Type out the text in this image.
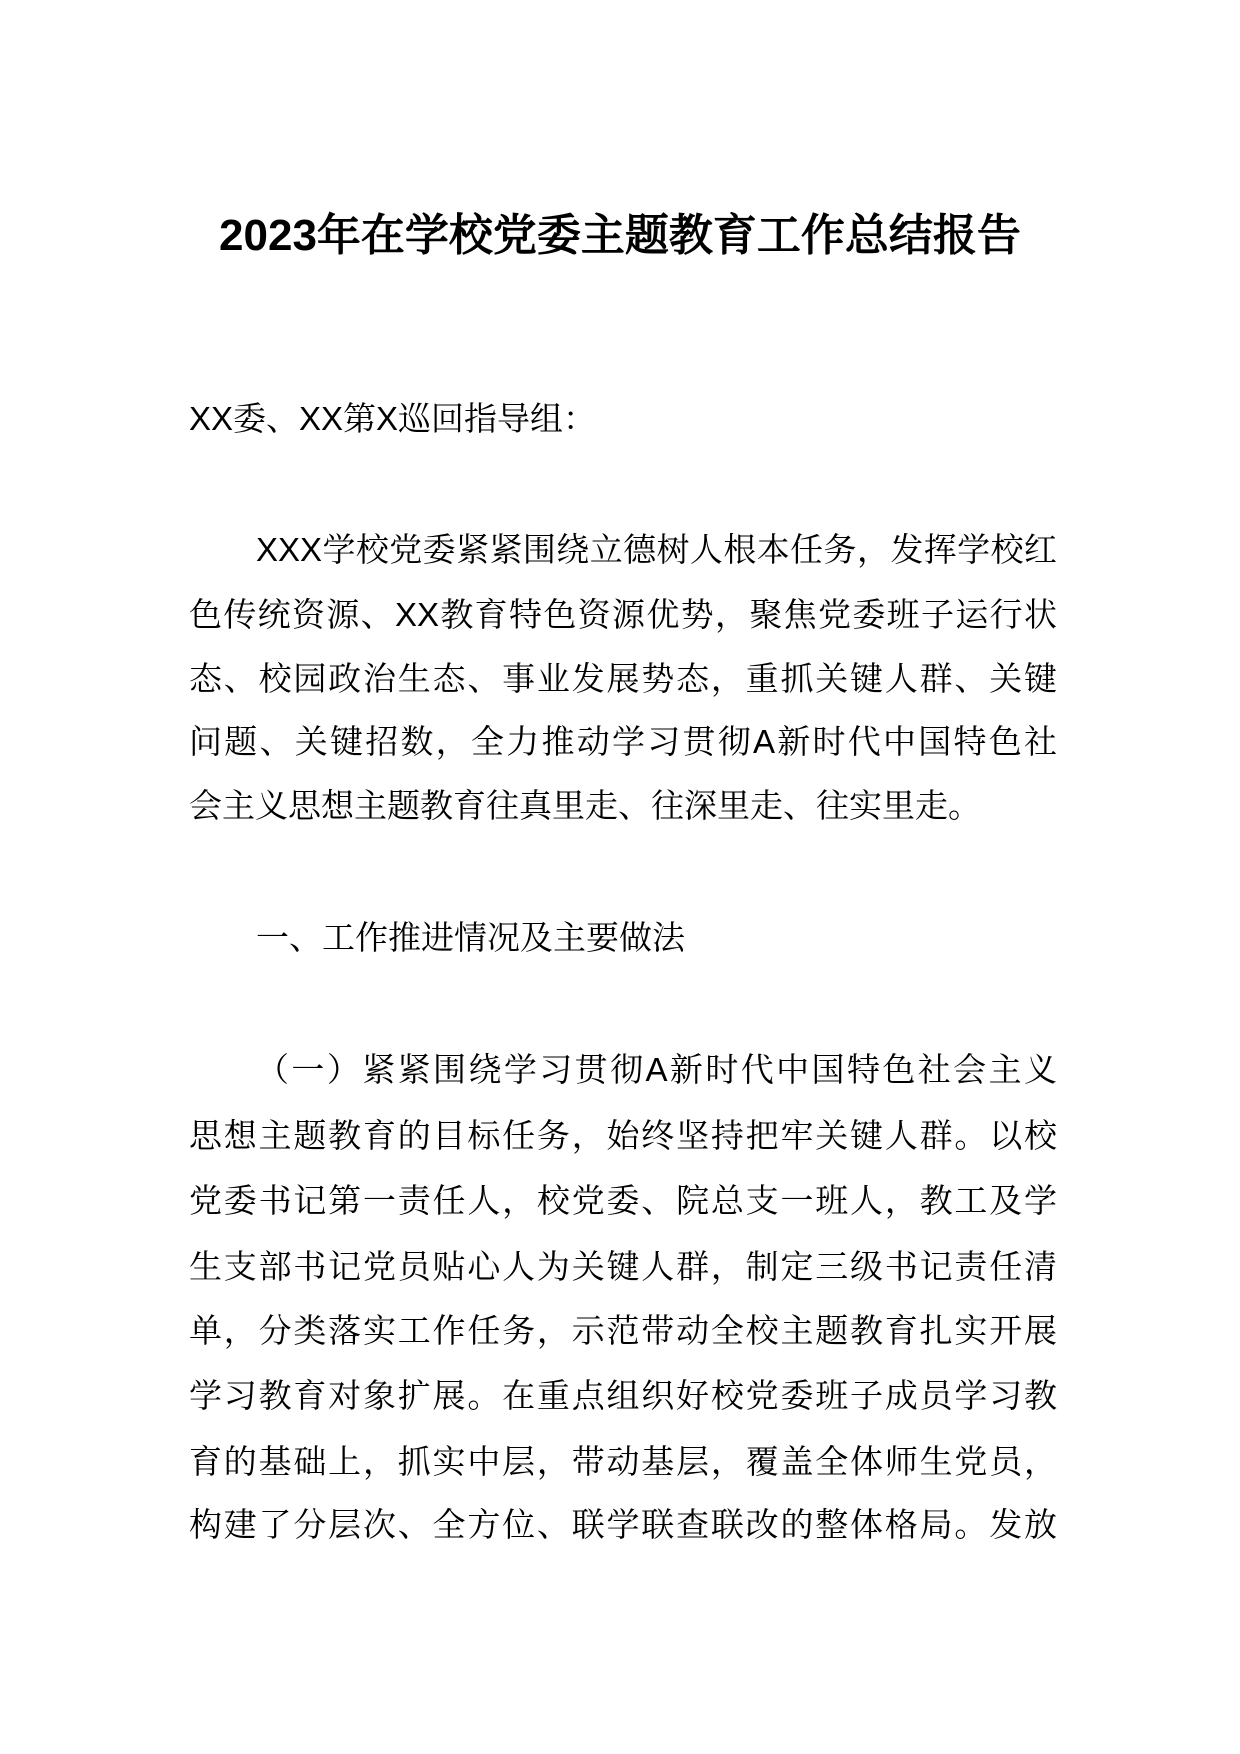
2023年在学校党委主题教育工作总结报告
XX委、XX第X巡回指导组：
XXX学校党委紧紧围绕立德树人根本任务，发挥学校红
色传统资源、XX教育特色资源优势，聚焦党委班子运行状
态、校园政治生态、事业发展势态，重抓关键人群、关键
问题、关键招数，全力推动学习贯彻A新时代中国特色社
会主义思想主题教育往真里走、往深里走、往实里走。
一、工作推进情况及主要做法
（一）紧紧围绕学习贯彻A新时代中国特色社会主义
思想主题教育的目标任务，始终坚持把牢关键人群。以校
党委书记第一责任人，校党委、院总支一班人，教工及学
生支部书记党员贴心人为关键人群，制定三级书记责任清
单，分类落实工作任务，示范带动全校主题教育扎实开展
学习教育对象扩展。在重点组织好校党委班子成员学习教
育的基础上，抓实中层，带动基层，覆盖全体师生党员，
构建了分层次、全方位、联学联查联改的整体格局。发放
